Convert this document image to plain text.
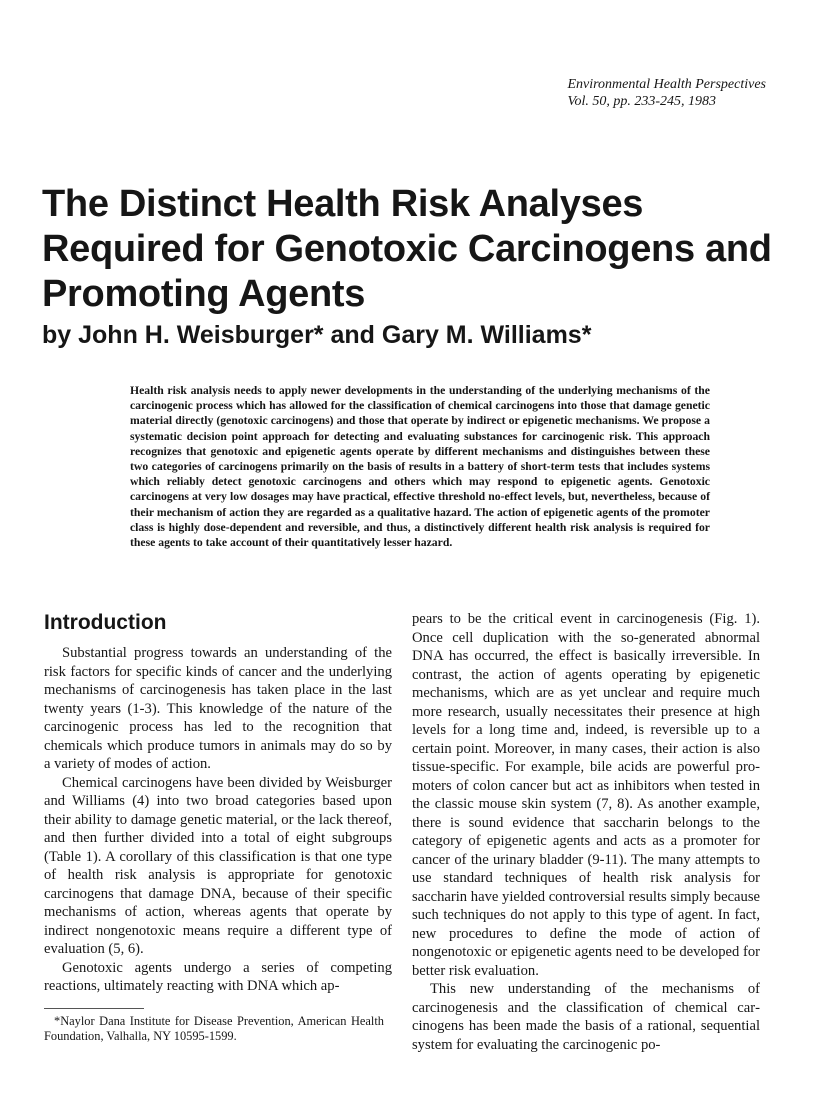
Environmental Health Perspectives
Vol. 50, pp. 233-245, 1983
The Distinct Health Risk Analyses Required for Genotoxic Carcinogens and Promoting Agents
by John H. Weisburger* and Gary M. Williams*

Health risk analysis needs to apply newer developments in the understanding of the underlying mechanisms of the carcinogenic process which has allowed for the classification of chemical carcinogens into those that damage genetic material directly (genotoxic carcinogens) and those that operate by indirect or epigenetic mechanisms. We propose a systematic decision point approach for detecting and evaluating substances for carcinogenic risk. This approach recognizes that genotoxic and epigenetic agents operate by different mechanisms and distinguishes between these two categories of carcinogens primarily on the basis of results in a battery of short-term tests that includes systems which reliably detect genotoxic carcinogens and others which may respond to epigenetic agents. Genotoxic carcinogens at very low dosages may have practical, effective threshold no-effect levels, but, nevertheless, because of their mechanism of action they are regarded as a qualitative hazard. The action of epigenetic agents of the promoter class is highly dose-dependent and reversible, and thus, a distinctively different health risk analysis is required for these agents to take account of their quantitatively lesser hazard.

Introduction

Substantial progress towards an understanding of the risk factors for specific kinds of cancer and the underlying mechanisms of carcinogenesis has taken place in the last twenty years (1-3). This knowledge of the nature of the carcinogenic process has led to the recognition that chemicals which produce tumors in animals may do so by a variety of modes of action.

Chemical carcinogens have been divided by Weisburger and Williams (4) into two broad categories based upon their ability to damage genetic material, or the lack thereof, and then further divided into a total of eight subgroups (Table 1). A corollary of this classification is that one type of health risk analysis is appropriate for genotoxic carcinogens that damage DNA, because of their specific mechanisms of action, whereas agents that operate by indirect nongenotoxic means require a different type of evaluation (5, 6).

Genotoxic agents undergo a series of competing reactions, ultimately reacting with DNA which ap-

pears to be the critical event in carcinogenesis (Fig. 1). Once cell duplication with the so-generated abnormal DNA has occurred, the effect is basically irreversible. In contrast, the action of agents operating by epigenetic mechanisms, which are as yet unclear and require much more research, usually necessitates their presence at high levels for a long time and, indeed, is reversible up to a certain point. Moreover, in many cases, their action is also tissue-specific. For example, bile acids are powerful promoters of colon cancer but act as inhibitors when tested in the classic mouse skin system (7, 8). As another example, there is sound evidence that saccharin belongs to the category of epigenetic agents and acts as a promoter for cancer of the urinary bladder (9-11). The many attempts to use standard techniques of health risk analysis for saccharin have yielded controversial results simply because such techniques do not apply to this type of agent. In fact, new procedures to define the mode of action of nongenotoxic or epigenetic agents need to be developed for better risk evaluation.

This new understanding of the mechanisms of carcinogenesis and the classification of chemical carcinogens has been made the basis of a rational, sequential system for evaluating the carcinogenic po-

*Naylor Dana Institute for Disease Prevention, American Health Foundation, Valhalla, NY 10595-1599.
